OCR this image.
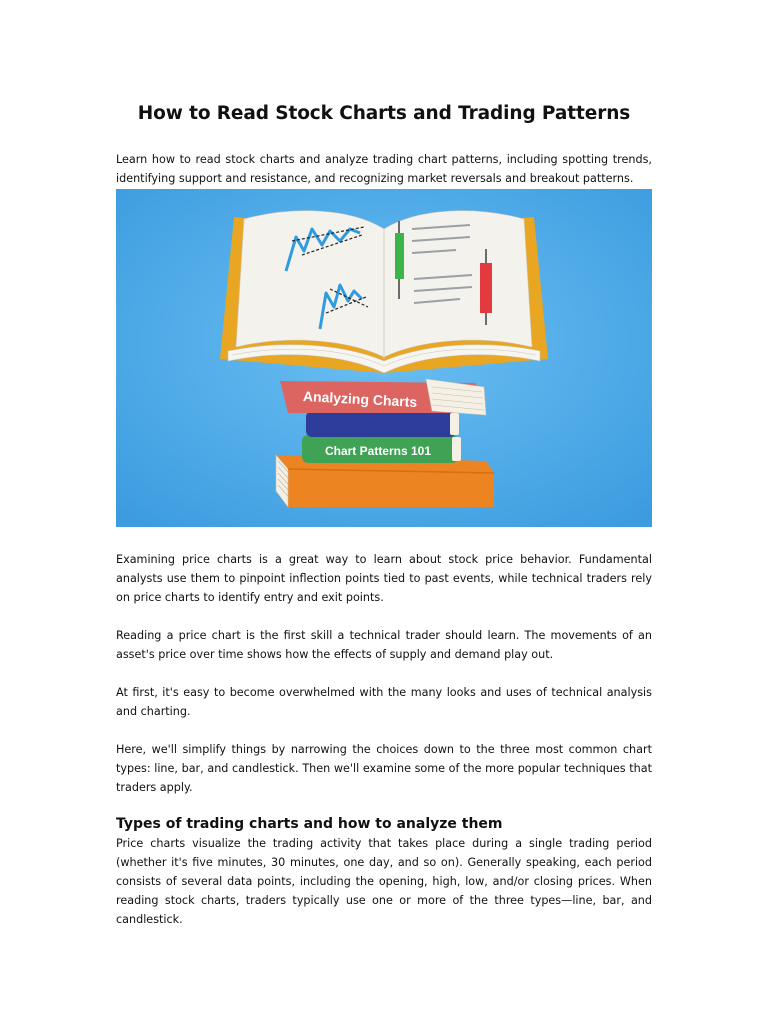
How to Read Stock Charts and Trading Patterns

Learn how to read stock charts and analyze trading chart patterns, including spotting trends, identifying support and resistance, and recognizing market reversals and breakout patterns.

Chart Patterns 101
Analyzing Charts

Examining price charts is a great way to learn about stock price behavior. Fundamental analysts use them to pinpoint inflection points tied to past events, while technical traders rely on price charts to identify entry and exit points.

Reading a price chart is the first skill a technical trader should learn. The movements of an asset's price over time shows how the effects of supply and demand play out.

At first, it's easy to become overwhelmed with the many looks and uses of technical analysis and charting.

Here, we'll simplify things by narrowing the choices down to the three most common chart types: line, bar, and candlestick. Then we'll examine some of the more popular techniques that traders apply.

Types of trading charts and how to analyze them

Price charts visualize the trading activity that takes place during a single trading period (whether it's five minutes, 30 minutes, one day, and so on). Generally speaking, each period consists of several data points, including the opening, high, low, and/or closing prices. When reading stock charts, traders typically use one or more of the three types—line, bar, and candlestick.
